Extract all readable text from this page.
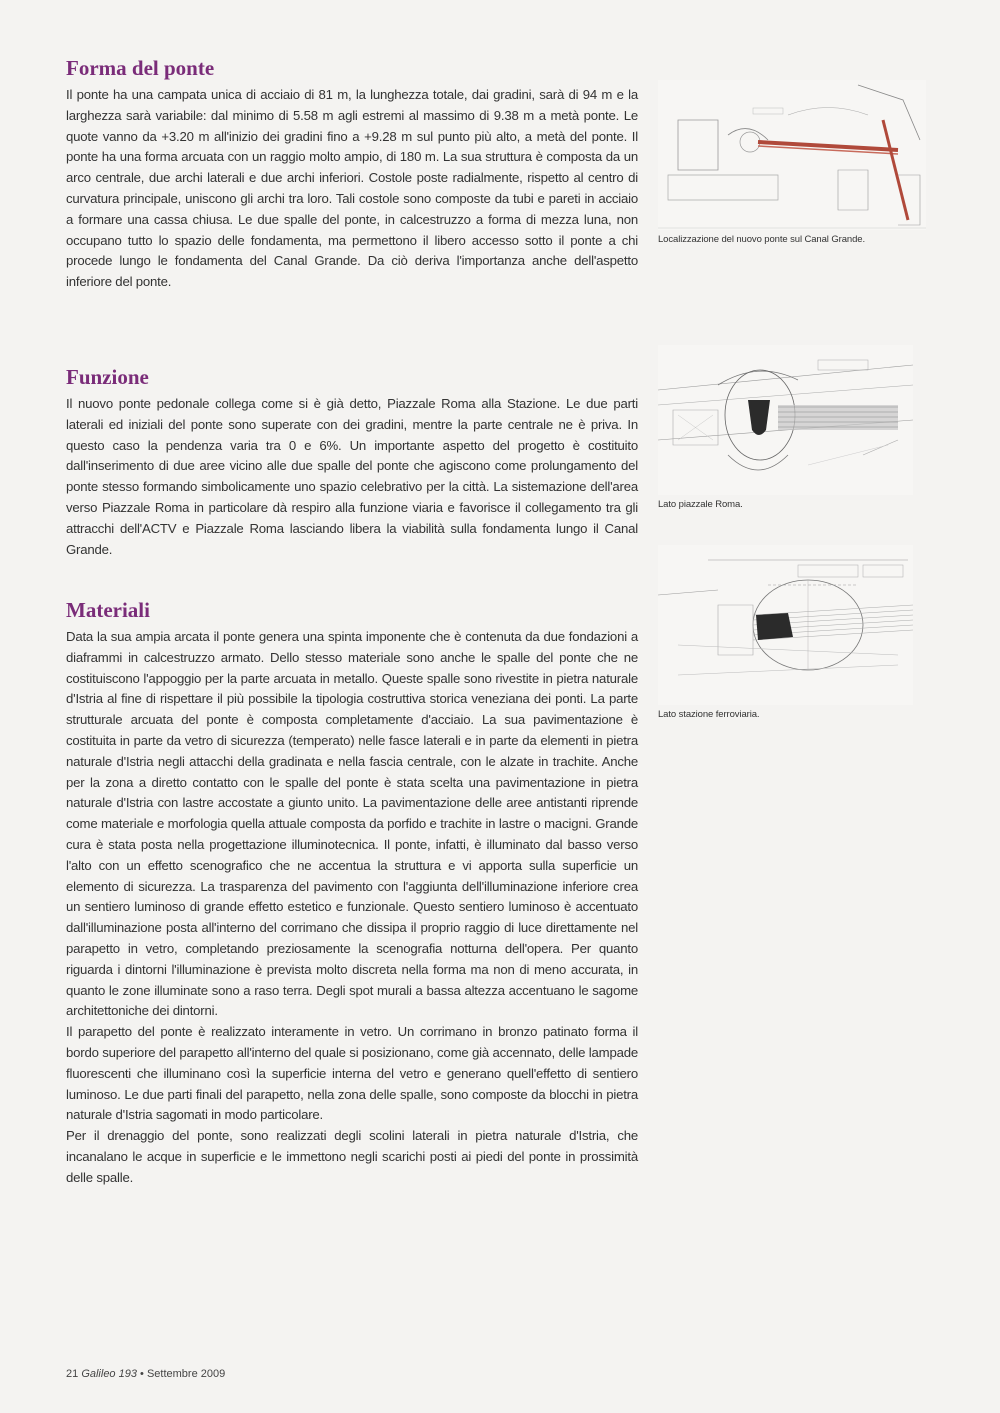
Forma del ponte

Il ponte ha una campata unica di acciaio di 81 m, la lunghezza totale, dai gradini, sarà di 94 m e la larghezza sarà variabile: dal minimo di 5.58 m agli estremi al massimo di 9.38 m a metà ponte. Le quote vanno da +3.20 m all'inizio dei gradini fino a +9.28 m sul punto più alto, a metà del ponte. Il ponte ha una forma arcuata con un raggio molto ampio, di 180 m. La sua struttura è composta da un arco centrale, due archi laterali e due archi inferiori. Costole poste radialmente, rispetto al centro di curvatura principale, uniscono gli archi tra loro. Tali costole sono composte da tubi e pareti in acciaio a formare una cassa chiusa. Le due spalle del ponte, in calcestruzzo a forma di mezza luna, non occupano tutto lo spazio delle fondamenta, ma permettono il libero accesso sotto il ponte a chi procede lungo le fondamenta del Canal Grande. Da ciò deriva l'importanza anche dell'aspetto inferiore del ponte.

Funzione

Il nuovo ponte pedonale collega come si è già detto, Piazzale Roma alla Stazione. Le due parti laterali ed iniziali del ponte sono superate con dei gradini, mentre la parte centrale ne è priva. In questo caso la pendenza varia tra 0 e 6%. Un importante aspetto del progetto è costituito dall'inserimento di due aree vicino alle due spalle del ponte che agiscono come prolungamento del ponte stesso formando simbolicamente uno spazio celebrativo per la città. La sistemazione dell'area verso Piazzale Roma in particolare dà respiro alla funzione viaria e favorisce il collegamento tra gli attracchi dell'ACTV e Piazzale Roma lasciando libera la viabilità sulla fondamenta lungo il Canal Grande.

Materiali

Data la sua ampia arcata il ponte genera una spinta imponente che è contenuta da due fondazioni a diaframmi in calcestruzzo armato. Dello stesso materiale sono anche le spalle del ponte che ne costituiscono l'appoggio per la parte arcuata in metallo. Queste spalle sono rivestite in pietra naturale d'Istria al fine di rispettare il più possibile la tipologia costruttiva storica veneziana dei ponti. La parte strutturale arcuata del ponte è composta completamente d'acciaio. La sua pavimentazione è costituita in parte da vetro di sicurezza (temperato) nelle fasce laterali e in parte da elementi in pietra naturale d'Istria negli attacchi della gradinata e nella fascia centrale, con le alzate in trachite. Anche per la zona a diretto contatto con le spalle del ponte è stata scelta una pavimentazione in pietra naturale d'Istria con lastre accostate a giunto unito. La pavimentazione delle aree antistanti riprende come materiale e morfologia quella attuale composta da porfido e trachite in lastre o macigni. Grande cura è stata posta nella progettazione illuminotecnica. Il ponte, infatti, è illuminato dal basso verso l'alto con un effetto scenografico che ne accentua la struttura e vi apporta sulla superficie un elemento di sicurezza. La trasparenza del pavimento con l'aggiunta dell'illuminazione inferiore crea un sentiero luminoso di grande effetto estetico e funzionale. Questo sentiero luminoso è accentuato dall'illuminazione posta all'interno del corrimano che dissipa il proprio raggio di luce direttamente nel parapetto in vetro, completando preziosamente la scenografia notturna dell'opera. Per quanto riguarda i dintorni l'illuminazione è prevista molto discreta nella forma ma non di meno accurata, in quanto le zone illuminate sono a raso terra. Degli spot murali a bassa altezza accentuano le sagome architettoniche dei dintorni.

Il parapetto del ponte è realizzato interamente in vetro. Un corrimano in bronzo patinato forma il bordo superiore del parapetto all'interno del quale si posizionano, come già accennato, delle lampade fluorescenti che illuminano così la superficie interna del vetro e generano quell'effetto di sentiero luminoso. Le due parti finali del parapetto, nella zona delle spalle, sono composte da blocchi in pietra naturale d'Istria sagomati in modo particolare.

Per il drenaggio del ponte, sono realizzati degli scolini laterali in pietra naturale d'Istria, che incanalano le acque in superficie e le immettono negli scarichi posti ai piedi del ponte in prossimità delle spalle.

Localizzazione del nuovo ponte sul Canal Grande.
Lato piazzale Roma.
Lato stazione ferroviaria.
21 Galileo 193 • Settembre 2009
